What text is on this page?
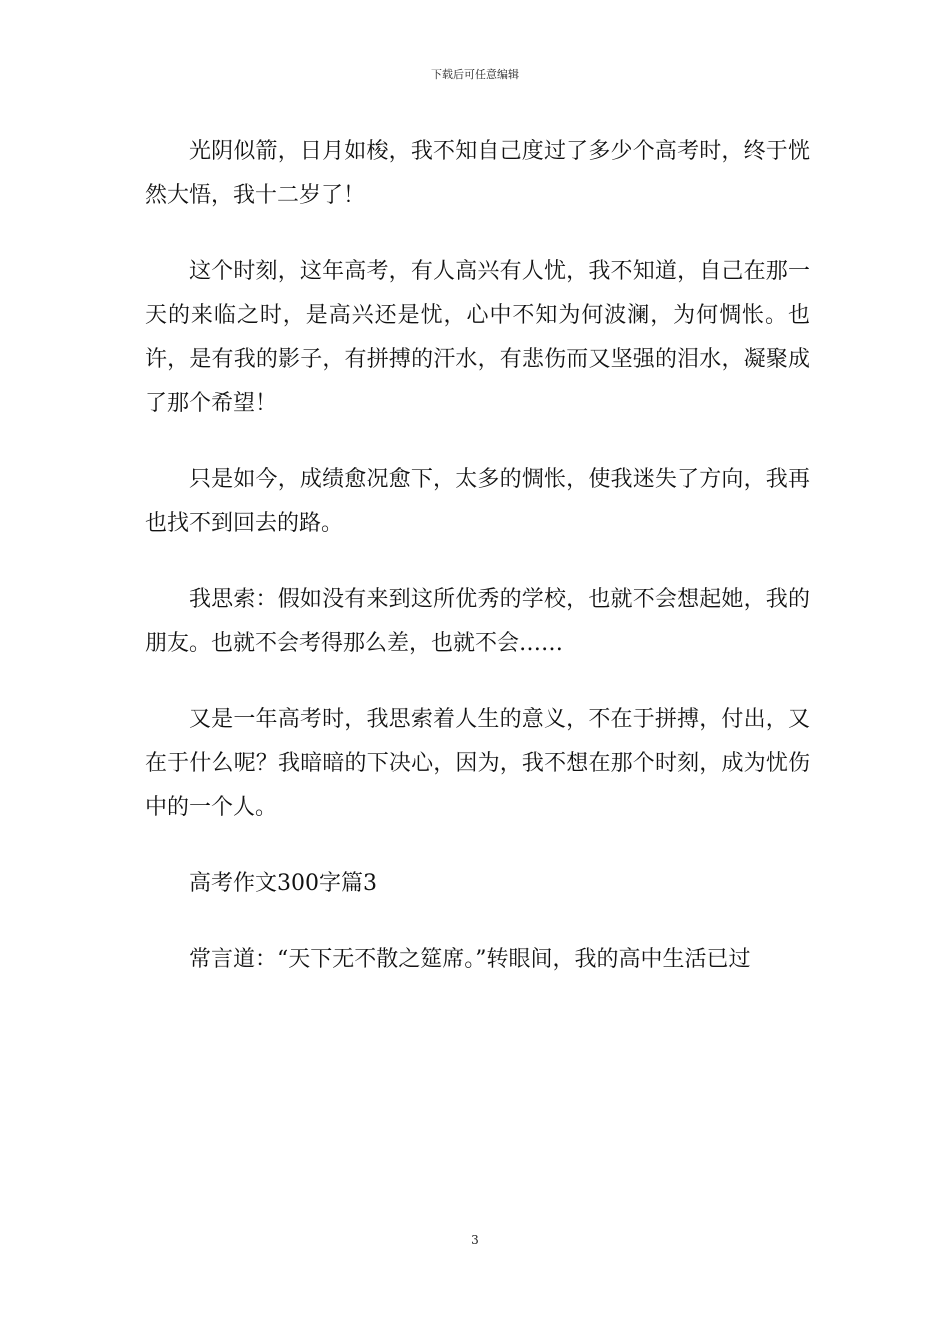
下载后可任意编辑

光阴似箭，日月如梭，我不知自己度过了多少个高考时，终于恍然大悟，我十二岁了！

这个时刻，这年高考，有人高兴有人忧，我不知道，自己在那一天的来临之时，是高兴还是忧，心中不知为何波澜，为何惆怅。也许，是有我的影子，有拼搏的汗水，有悲伤而又坚强的泪水，凝聚成了那个希望！

只是如今，成绩愈况愈下，太多的惆怅，使我迷失了方向，我再也找不到回去的路。

我思索：假如没有来到这所优秀的学校，也就不会想起她，我的朋友。也就不会考得那么差，也就不会……

又是一年高考时，我思索着人生的意义，不在于拼搏，付出，又在于什么呢？我暗暗的下决心，因为，我不想在那个时刻，成为忧伤中的一个人。

高考作文300字篇3

常言道：“天下无不散之筵席。”转眼间，我的高中生活已过

3
